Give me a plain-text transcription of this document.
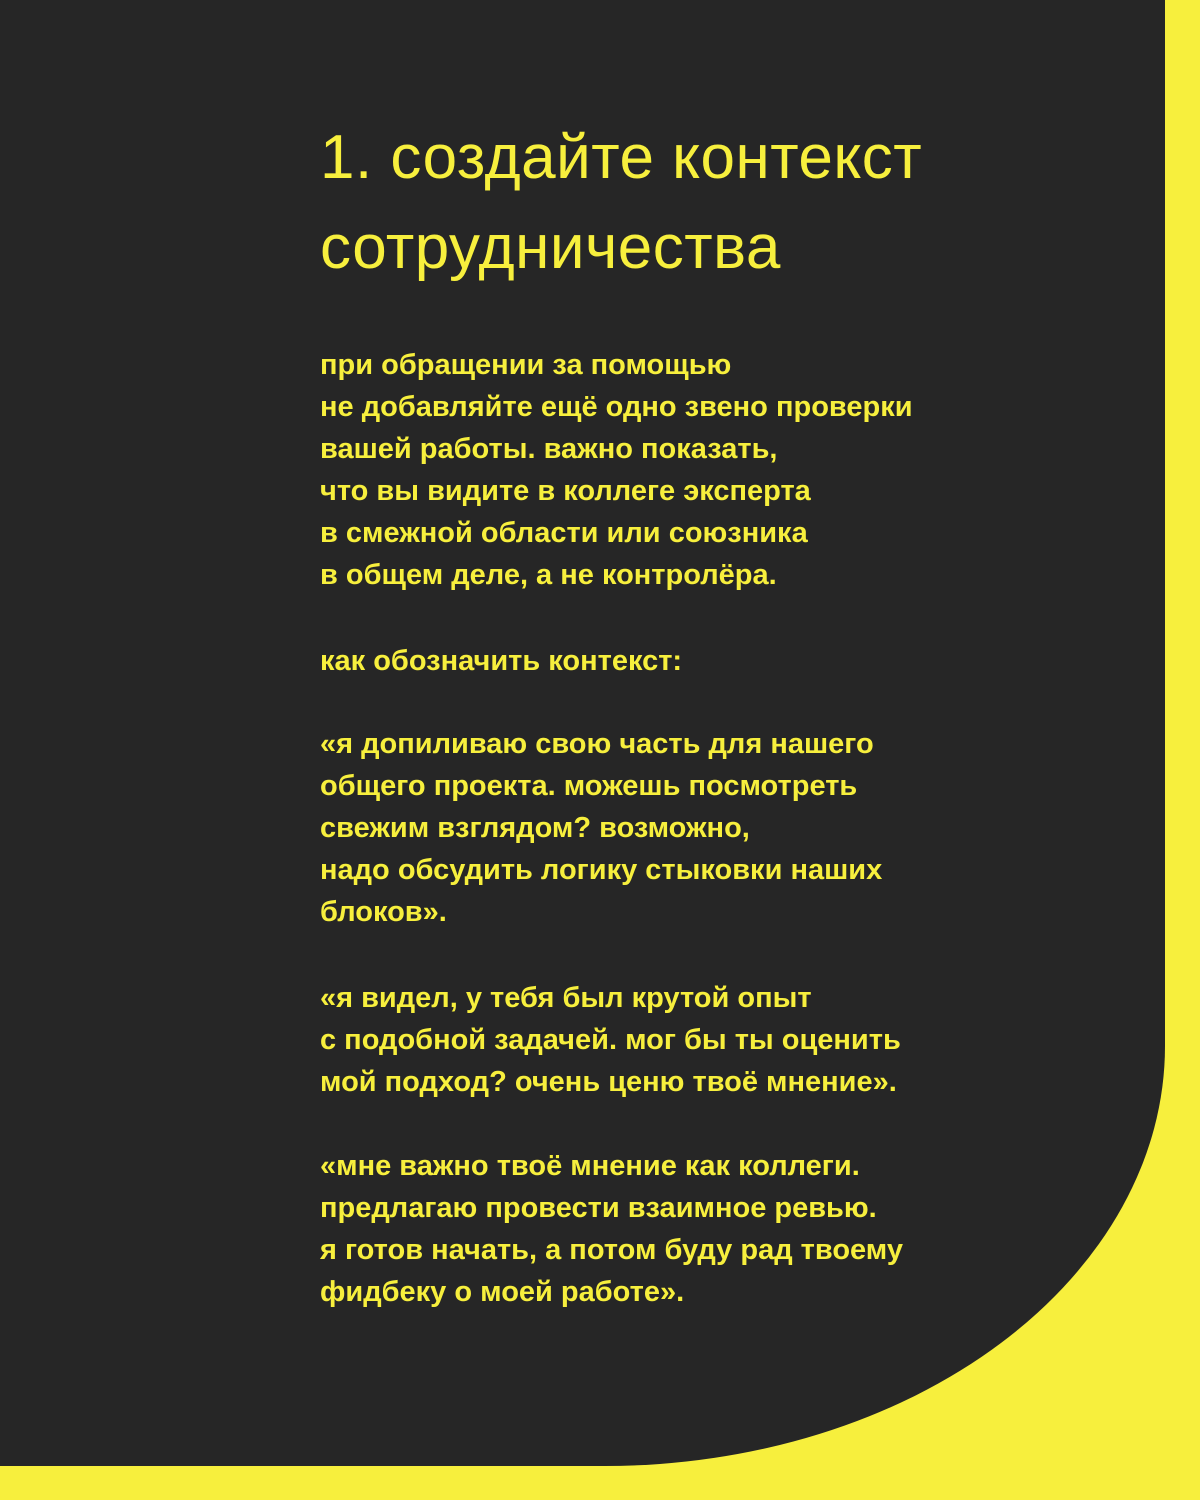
1. создайте контекст
сотрудничества

при обращении за помощью
не добавляйте ещё одно звено проверки
вашей работы. важно показать,
что вы видите в коллеге эксперта
в смежной области или союзника
в общем деле, а не контролёра.

как обозначить контекст:

«я допиливаю свою часть для нашего
общего проекта. можешь посмотреть
свежим взглядом? возможно,
надо обсудить логику стыковки наших
блоков».

«я видел, у тебя был крутой опыт
с подобной задачей. мог бы ты оценить
мой подход? очень ценю твоё мнение».

«мне важно твоё мнение как коллеги.
предлагаю провести взаимное ревью.
я готов начать, а потом буду рад твоему
фидбеку о моей работе».
